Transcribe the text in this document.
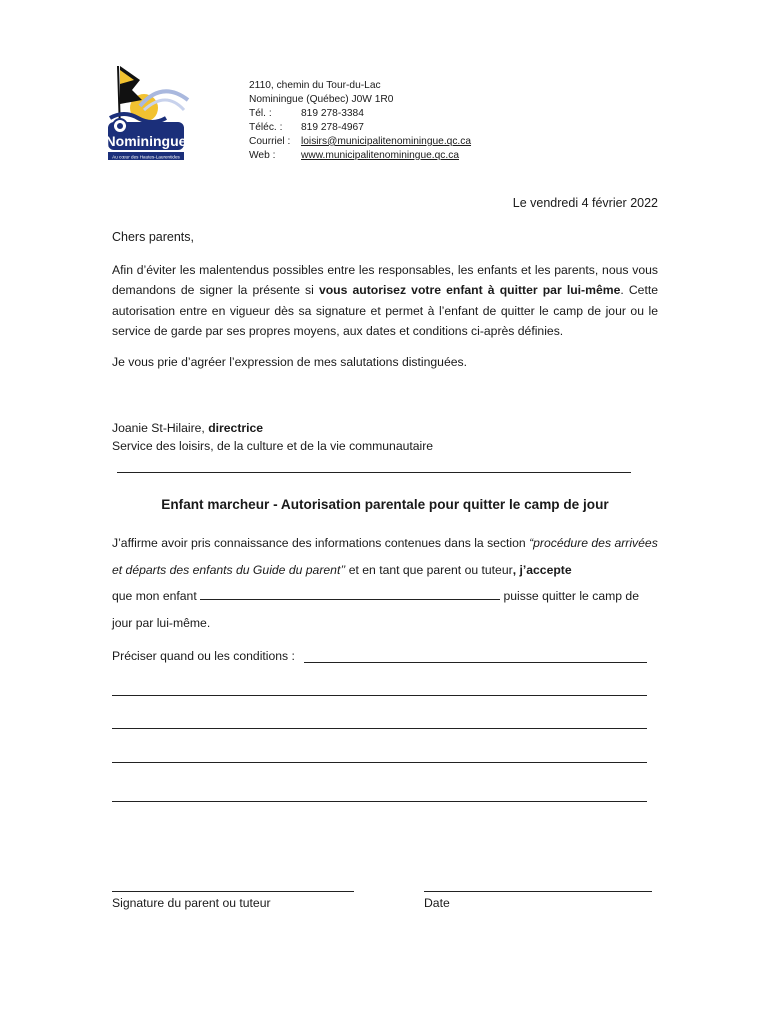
Nominingue
Au cœur des Hautes-Laurentides
2110, chemin du Tour-du-Lac
Nominingue (Québec) J0W 1R0
Tél. :	819 278-3384
Téléc. :	819 278-4967
Courriel :	loisirs@municipalitenominingue.qc.ca
Web :	www.municipalitenominingue.qc.ca
Le vendredi 4 février 2022
Chers parents,
Afin d’éviter les malentendus possibles entre les responsables, les enfants et les parents, nous vous demandons de signer la présente si vous autorisez votre enfant à quitter par lui-même. Cette autorisation entre en vigueur dès sa signature et permet à l’enfant de quitter le camp de jour ou le service de garde par ses propres moyens, aux dates et conditions ci-après définies.
Je vous prie d’agréer l’expression de mes salutations distinguées.
Joanie St-Hilaire, directrice
Service des loisirs, de la culture et de la vie communautaire
Enfant marcheur - Autorisation parentale pour quitter le camp de jour
J’affirme avoir pris connaissance des informations contenues dans la section “procédure des arrivées et départs des enfants du Guide du parent’’ et en tant que parent ou tuteur, j’accepte
que mon enfant	puisse quitter le camp de jour par lui-même.
Préciser quand ou les conditions :
Signature du parent ou tuteur	Date
